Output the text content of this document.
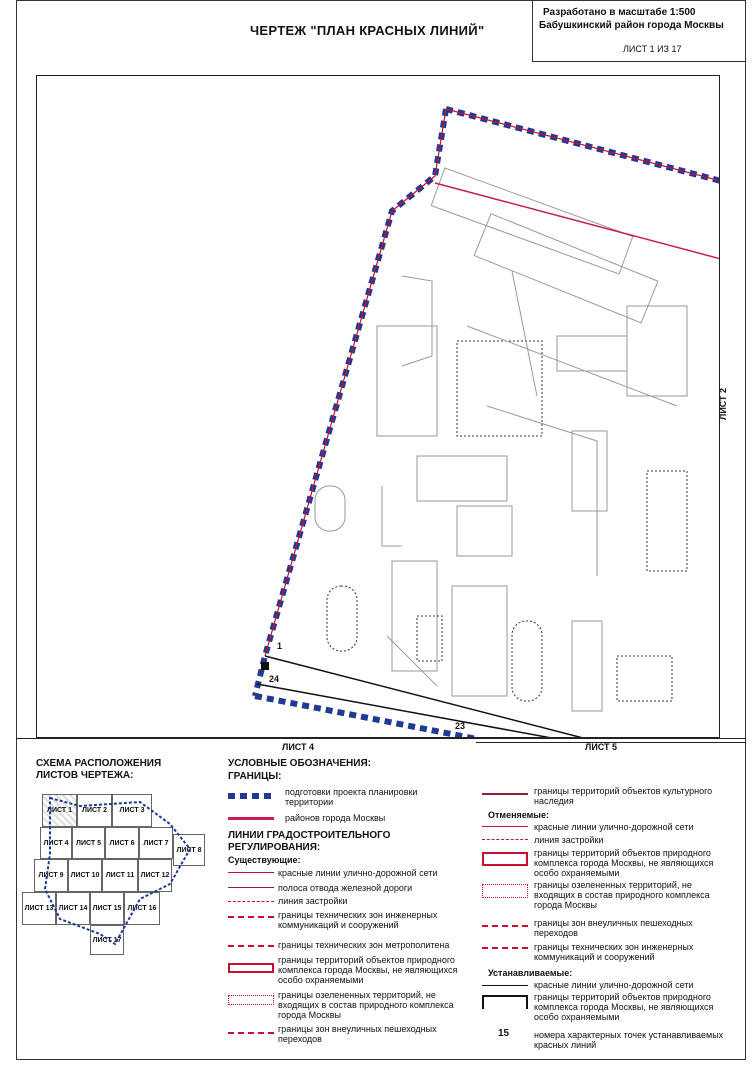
ЧЕРТЕЖ "ПЛАН КРАСНЫХ ЛИНИЙ"
Разработано в масштабе 1:500
Бабушкинский район города Москвы
ЛИСТ 1 ИЗ 17
1
24
23
ЛИСТ 2
ЛИСТ 4	ЛИСТ 5
СХЕМА РАСПОЛОЖЕНИЯ
ЛИСТОВ ЧЕРТЕЖА:
ЛИСТ 1	ЛИСТ 2	ЛИСТ 3
ЛИСТ 4	ЛИСТ 5	ЛИСТ 6	ЛИСТ 7
ЛИСТ 8
ЛИСТ 9	ЛИСТ 10 ЛИСТ 11 ЛИСТ 12
ЛИСТ 13 ЛИСТ 14 ЛИСТ 15 ЛИСТ 16
ЛИСТ 17
УСЛОВНЫЕ ОБОЗНАЧЕНИЯ:
ГРАНИЦЫ:
подготовки проекта планировки территории
районов города Москвы
ЛИНИИ ГРАДОСТРОИТЕЛЬНОГО
РЕГУЛИРОВАНИЯ:
Существующие:
красные линии улично-дорожной сети
полоса отвода железной дороги
линия застройки
границы технических зон инженерных коммуникаций и сооружений
границы технических зон метрополитена
границы территорий объектов природного комплекса города Москвы, не являющихся особо охраняемыми
границы озелененных территорий, не входящих в состав природного комплекса города Москвы
границы зон внеуличных пешеходных переходов
границы территорий объектов культурного наследия
Отменяемые:
красные линии улично-дорожной сети
линия застройки
границы территорий объектов природного комплекса города Москвы, не являющихся особо охраняемыми
границы озелененных территорий, не входящих в состав природного комплекса города Москвы
границы зон внеуличных пешеходных переходов
границы технических зон инженерных коммуникаций и сооружений
Устанавливаемые:
красные линии улично-дорожной сети
границы территорий объектов природного комплекса города Москвы, не являющихся особо охраняемыми
15	номера характерных точек устанавливаемых красных линий
